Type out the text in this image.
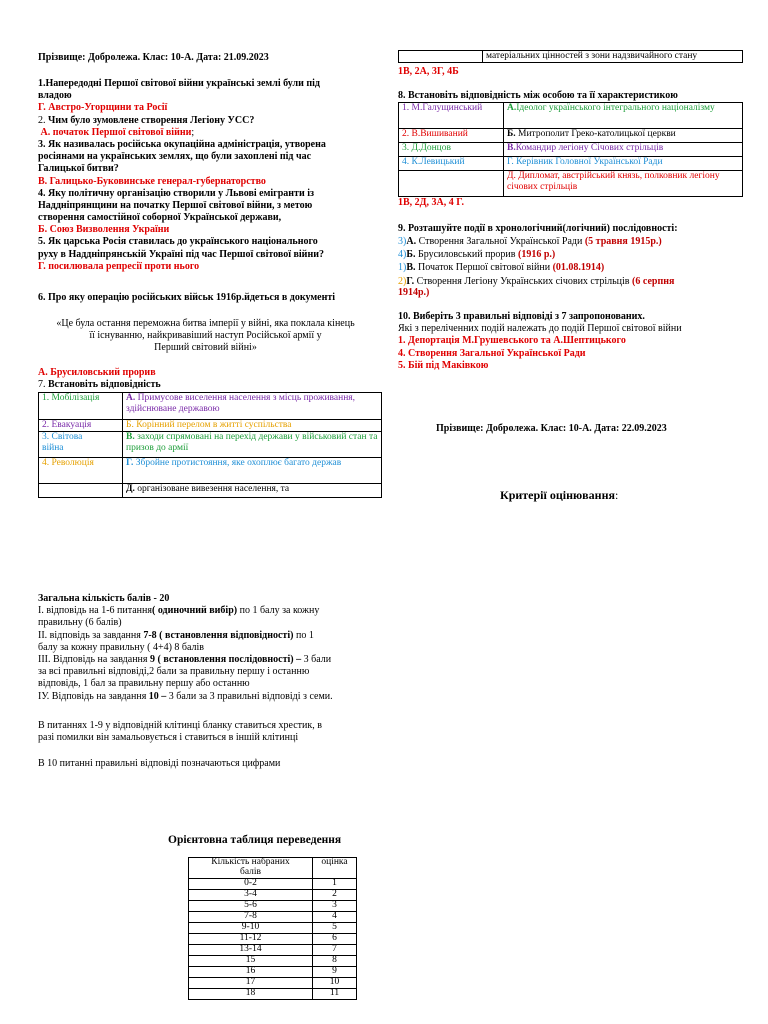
Прізвище: Добролежа. Клас: 10-А. Дата: 21.09.2023

1.Напередодні Першої світової війни українські землі були під

владою

Г. Австро-Угорщини та Росії

2. Чим було зумовлене створення Легіону УСС?

А. початок Першої світової війни;

3. Як називалась російська окупаційна адміністрація, утворена

росіянами на українських землях, що були захоплені під час

Галицької битви?

В. Галицько-Буковинське генерал-губернаторство

4. Яку політичну організацію створили у Львові емігранти із

Наддніпрянщини на початку Першої світової війни, з метою

створення самостійної соборної Української держави,

Б. Союз Визволення України

5. Як царська Росія ставилась до українського національного

руху в Наддніпрянській Україні під час Першої світової війни?

Г. посилювала репресії проти нього

6. Про яку операцію російських військ 1916р.йдеться в документі

«Це була остання переможна битва імперії у війні, яка поклала кінець

її існуванню, найкривавіший наступ Російської армії у

Перший світовий війні»

А. Брусиловський прорив

7. Встановіть відповідність

1. Мобілізація	А. Примусове виселення населення з місць проживання, здійснюване державою
2. Евакуація	Б. Корінний перелом в житті суспільства

3. Світова
війна	В. заходи спрямовані на перехід держави у військовий стан та призов до армії
4. Революція	Г. Збройне протистояння, яке охоплює багато держав
	Д. організоване вивезення населення, та

Загальна кількість балів - 20

І. відповідь на 1-6 питання( одиночний вибір) по 1 балу за кожну

правильну (6 балів)

ІІ. відповідь за завдання 7-8 ( встановлення відповідності) по 1

балу за кожну правильну ( 4+4) 8 балів

ІІІ. Відповідь на завдання 9 ( встановлення послідовності) – 3 бали

за всі правильні відповіді,2 бали за правильну першу і останню

відповідь, 1 бал за правильну першу або останню

ІУ. Відповідь на завдання 10 – 3 бали за 3 правильні відповіді з семи.

В питаннях 1-9 у відповідній клітинці бланку ставиться хрестик, в

разі помилки він замальовується і ставиться в іншій клітинці

В 10 питанні правильні відповіді позначаються цифрами

Орієнтовна таблиця переведення

Кількість набраних
балів	оцінка
0-2	1
3-4	2
5-6	3
7-8	4
9-10	5
11-12	6
13-14	7
15	8
16	9
17	10
18	11
	матеріальних цінностей з зони надзвичайного стану

1В, 2А, 3Г, 4Б

8. Встановіть відповідність між особою та її характеристикою

1. М.Галущинський	А.Ідеолог українського інтегрального націоналізму
2. В.Вишиваний	Б. Митрополит Греко-католицької церкви
3. Д.Донцов	В.Командир легіону Січових стрільців
4. К.Левицький	Г. Керівник Головної Української Ради
	Д. Дипломат, австрійський князь, полковник легіону січових стрільців

1В, 2Д, 3А, 4 Г.

9. Розташуйте події в хронологічний(логічний) послідовності:

3)А. Створення Загальної Української Ради (5 травня 1915р.)

4)Б. Брусиловський прорив (1916 р.)

1)В. Початок Першої світової війни (01.08.1914)

2)Г. Створення Легіону Українських січових стрільців (6 серпня

1914р.)

10. Виберіть 3 правильні відповіді з 7 запропонованих.

Які з переліченних подій належать до подій Першої світової війни

1. Депортація М.Грушевського та А.Шептицького

4. Створення Загальної Української Ради

5. Бій під Маківкою

Прізвище: Добролежа. Клас: 10-А. Дата: 22.09.2023

Критерії оцінювання:
